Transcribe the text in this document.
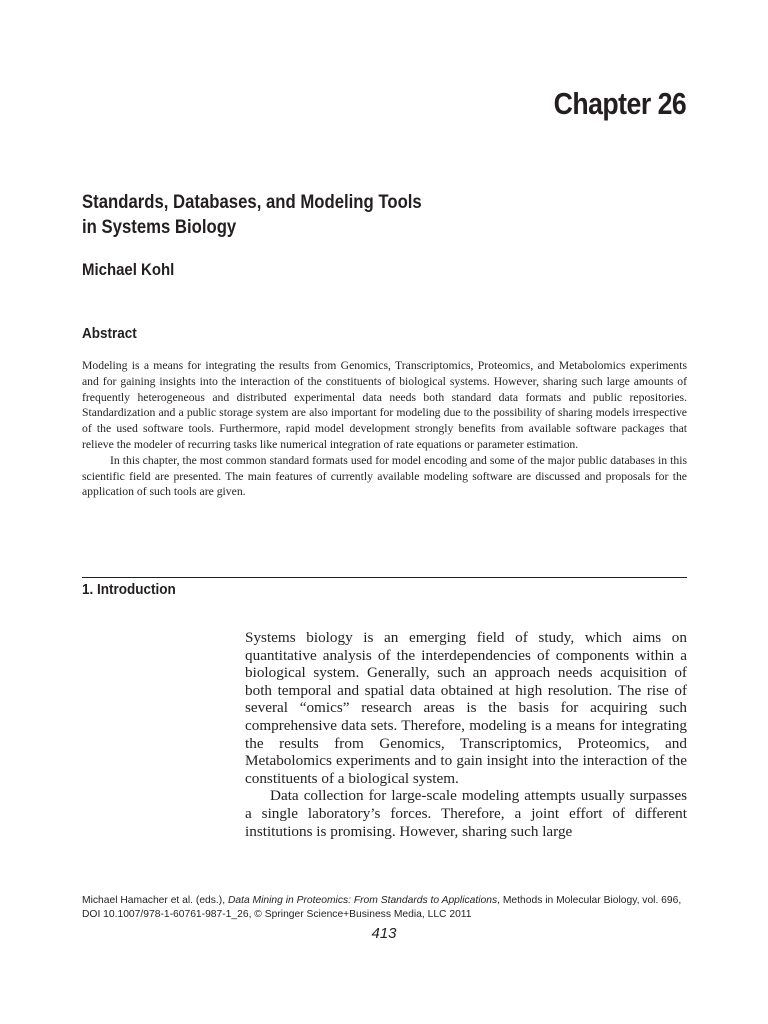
Chapter 26
Standards, Databases, and Modeling Tools
in Systems Biology
Michael Kohl
Abstract

Modeling is a means for integrating the results from Genomics, Transcriptomics, Proteomics, and Metabolomics experiments and for gaining insights into the interaction of the constituents of biological systems. However, sharing such large amounts of frequently heterogeneous and distributed experimental data needs both standard data formats and public repositories. Standardization and a public storage system are also important for modeling due to the possibility of sharing models irrespective of the used software tools. Furthermore, rapid model development strongly benefits from available software packages that relieve the modeler of recurring tasks like numerical integration of rate equations or parameter estimation.

In this chapter, the most common standard formats used for model encoding and some of the major public databases in this scientific field are presented. The main features of currently available modeling software are discussed and proposals for the application of such tools are given.

1. Introduction

Systems biology is an emerging field of study, which aims on quantitative analysis of the interdependencies of components within a biological system. Generally, such an approach needs acquisition of both temporal and spatial data obtained at high resolution. The rise of several “omics” research areas is the basis for acquiring such comprehensive data sets. Therefore, modeling is a means for integrating the results from Genomics, Transcriptomics, Proteomics, and Metabolomics experiments and to gain insight into the interaction of the constituents of a biological system.

Data collection for large-scale modeling attempts usually surpasses a single laboratory’s forces. Therefore, a joint effort of different institutions is promising. However, sharing such large

Michael Hamacher et al. (eds.), Data Mining in Proteomics: From Standards to Applications, Methods in Molecular Biology, vol. 696,
DOI 10.1007/978-1-60761-987-1_26, © Springer Science+Business Media, LLC 2011
413
